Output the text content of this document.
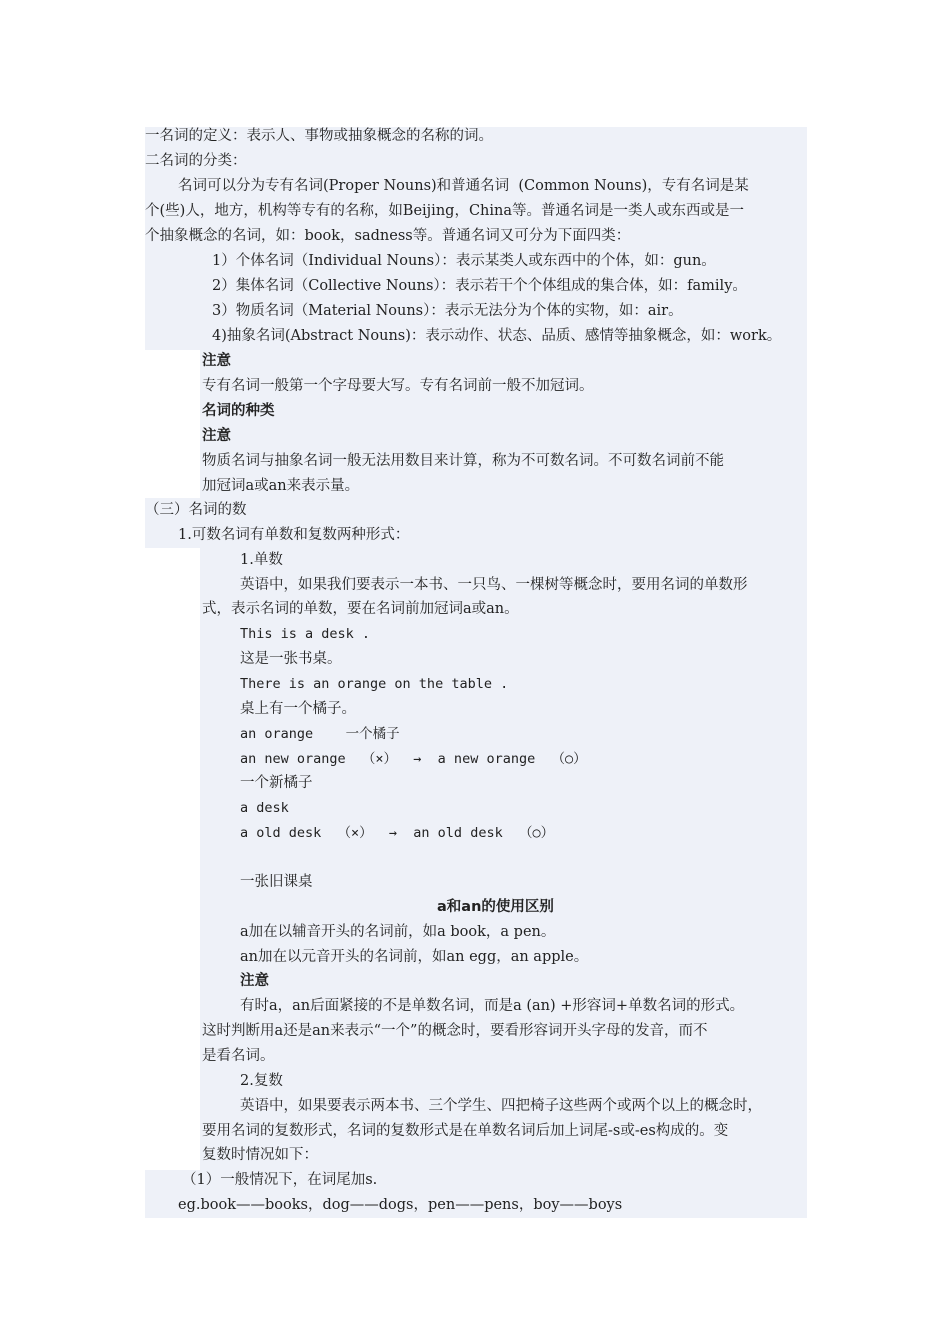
一名词的定义：表示人、事物或抽象概念的名称的词。
二名词的分类：
名词可以分为专有名词(Proper Nouns)和普通名词  (Common Nouns)，专有名词是某
个(些)人，地方，机构等专有的名称，如Beijing，China等。普通名词是一类人或东西或是一
个抽象概念的名词，如：book，sadness等。普通名词又可分为下面四类：
1）个体名词（Individual Nouns）：表示某类人或东西中的个体，如：gun。
2）集体名词（Collective Nouns）：表示若干个个体组成的集合体，如：family。
3）物质名词（Material Nouns）：表示无法分为个体的实物，如：air。
4)抽象名词(Abstract Nouns)：表示动作、状态、品质、感情等抽象概念，如：work。
注意
专有名词一般第一个字母要大写。专有名词前一般不加冠词。
名词的种类
注意
物质名词与抽象名词一般无法用数目来计算，称为不可数名词。不可数名词前不能
加冠词a或an来表示量。
（三）名词的数
1.可数名词有单数和复数两种形式：
1.单数
英语中，如果我们要表示一本书、一只鸟、一棵树等概念时，要用名词的单数形
式，表示名词的单数，要在名词前加冠词a或an。
This is a desk .
这是一张书桌。
There is an orange on the table .
桌上有一个橘子。
an orange    一个橘子
an new orange  （×）  →  a new orange  （○）
一个新橘子
a desk
a old desk  （×）  →  an old desk  （○）
一张旧课桌
a和an的使用区别
a加在以辅音开头的名词前，如a book，a pen。
an加在以元音开头的名词前，如an egg，an apple。
注意
有时a，an后面紧接的不是单数名词，而是a (an) +形容词+单数名词的形式。
这时判断用a还是an来表示“一个”的概念时，要看形容词开头字母的发音，而不
是看名词。
2.复数
英语中，如果要表示两本书、三个学生、四把椅子这些两个或两个以上的概念时，
要用名词的复数形式，名词的复数形式是在单数名词后加上词尾-s或-es构成的。变
复数时情况如下：
（1）一般情况下，在词尾加s.
eg.book——books，dog——dogs，pen——pens，boy——boys
